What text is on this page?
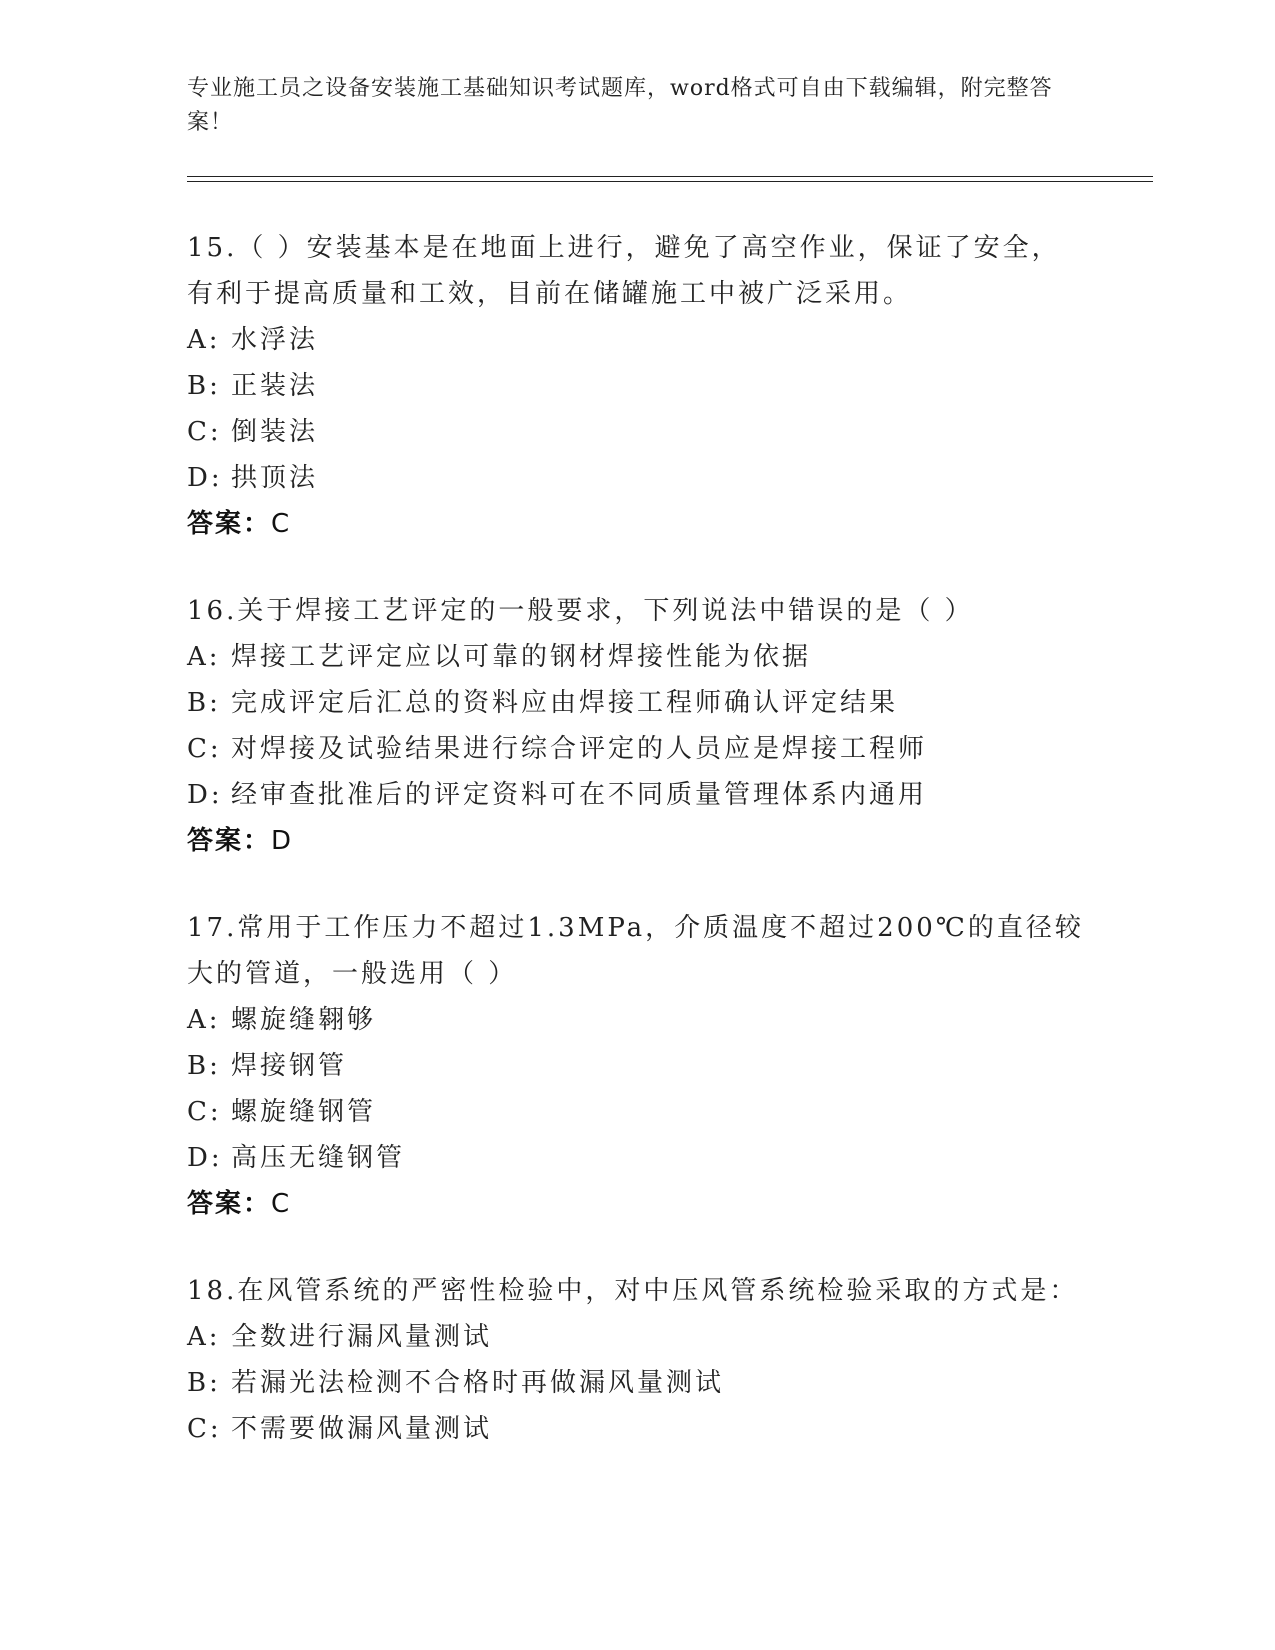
专业施工员之设备安装施工基础知识考试题库，word格式可自由下载编辑，附完整答案！

15.（ ）安装基本是在地面上进行，避免了高空作业，保证了安全，有利于提高质量和工效，目前在储罐施工中被广泛采用。

A: 水浮法

B: 正装法

C: 倒装法

D: 拱顶法

答案：C

16.关于焊接工艺评定的一般要求，下列说法中错误的是（ ）

A: 焊接工艺评定应以可靠的钢材焊接性能为依据

B: 完成评定后汇总的资料应由焊接工程师确认评定结果

C: 对焊接及试验结果进行综合评定的人员应是焊接工程师

D: 经审查批准后的评定资料可在不同质量管理体系内通用

答案：D

17.常用于工作压力不超过1.3MPa，介质温度不超过200℃的直径较大的管道，一般选用（ ）

A: 螺旋缝翱够

B: 焊接钢管

C: 螺旋缝钢管

D: 高压无缝钢管

答案：C

18.在风管系统的严密性检验中，对中压风管系统检验采取的方式是：

A: 全数进行漏风量测试

B: 若漏光法检测不合格时再做漏风量测试

C: 不需要做漏风量测试
